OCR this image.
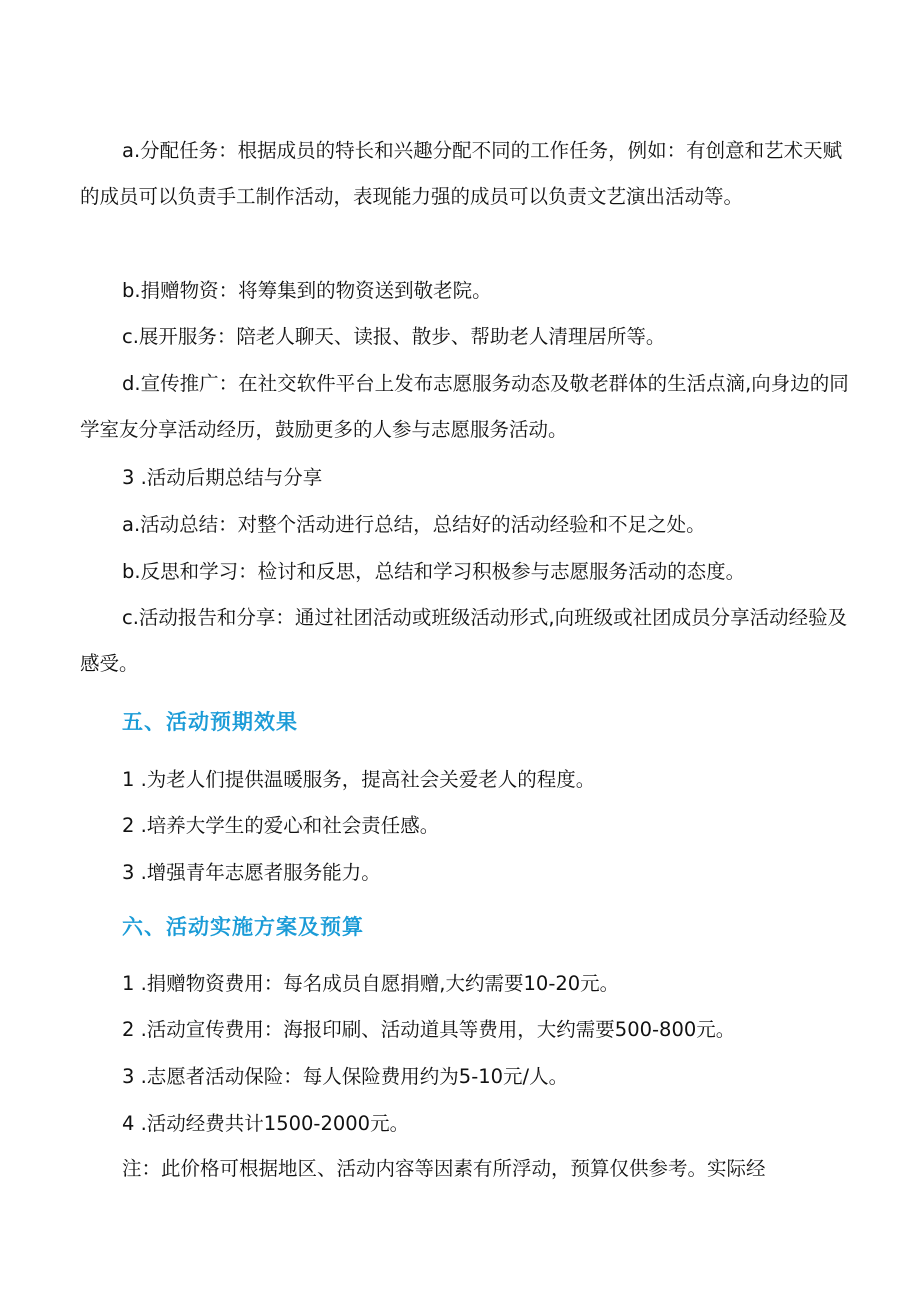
a.分配任务：根据成员的特长和兴趣分配不同的工作任务，例如：有创意和艺术天赋的成员可以负责手工制作活动，表现能力强的成员可以负责文艺演出活动等。

b.捐赠物资：将筹集到的物资送到敬老院。

c.展开服务：陪老人聊天、读报、散步、帮助老人清理居所等。

d.宣传推广：在社交软件平台上发布志愿服务动态及敬老群体的生活点滴,向身边的同学室友分享活动经历，鼓励更多的人参与志愿服务活动。

3 .活动后期总结与分享

a.活动总结：对整个活动进行总结，总结好的活动经验和不足之处。

b.反思和学习：检讨和反思，总结和学习积极参与志愿服务活动的态度。

c.活动报告和分享：通过社团活动或班级活动形式,向班级或社团成员分享活动经验及感受。

五、活动预期效果

1 .为老人们提供温暖服务，提高社会关爱老人的程度。

2 .培养大学生的爱心和社会责任感。

3 .增强青年志愿者服务能力。

六、活动实施方案及预算

1 .捐赠物资费用：每名成员自愿捐赠,大约需要10-20元。

2 .活动宣传费用：海报印刷、活动道具等费用，大约需要500-800元。

3 .志愿者活动保险：每人保险费用约为5-10元/人。

4 .活动经费共计1500-2000元。

注：此价格可根据地区、活动内容等因素有所浮动，预算仅供参考。实际经
